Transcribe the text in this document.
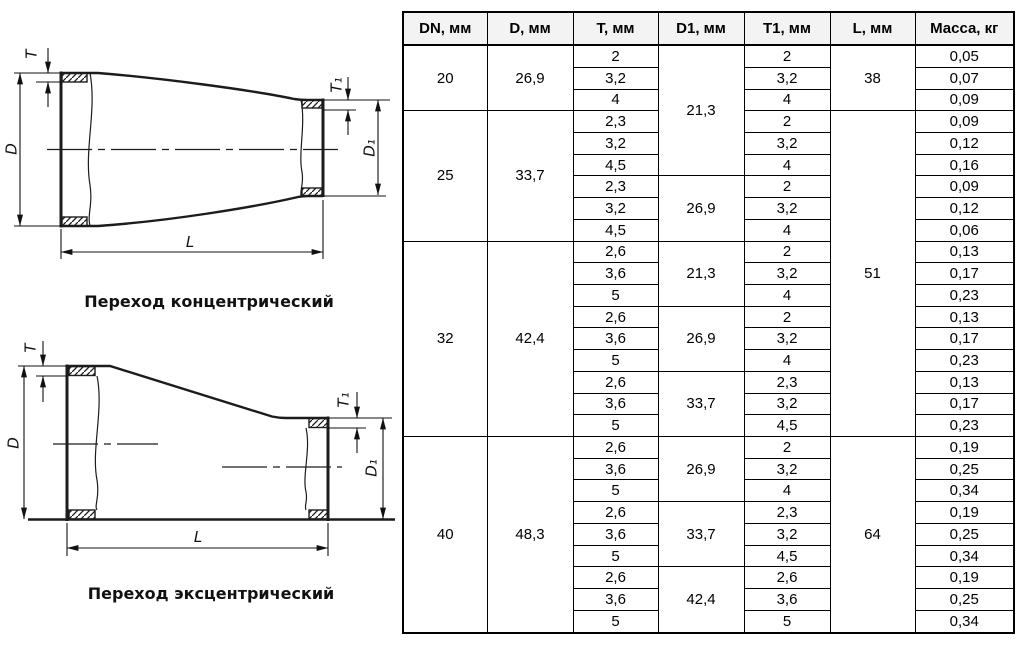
D
T
T₁
D₁
L
Переход концентрический
D
T
T₁
D₁
L
Переход эксцентрический
DN, мм	D, мм	T, мм	D1, мм	T1, мм	L, мм	Масса, кг
20	26,9	2	21,3	2	38	0,05
		3,2		3,2		0,07
		4		4		0,09
25	33,7	2,3		2	51	0,09
		3,2		3,2		0,12
		4,5		4		0,16
		2,3	26,9	2		0,09
		3,2		3,2		0,12
		4,5		4		0,06
32	42,4	2,6	21,3	2		0,13
		3,6		3,2		0,17
		5		4		0,23
		2,6	26,9	2		0,13
		3,6		3,2		0,17
		5		4		0,23
		2,6	33,7	2,3		0,13
		3,6		3,2		0,17
		5		4,5		0,23
40	48,3	2,6	26,9	2	64	0,19
		3,6		3,2		0,25
		5		4		0,34
		2,6	33,7	2,3		0,19
		3,6		3,2		0,25
		5		4,5		0,34
		2,6	42,4	2,6		0,19
		3,6		3,6		0,25
		5		5		0,34
